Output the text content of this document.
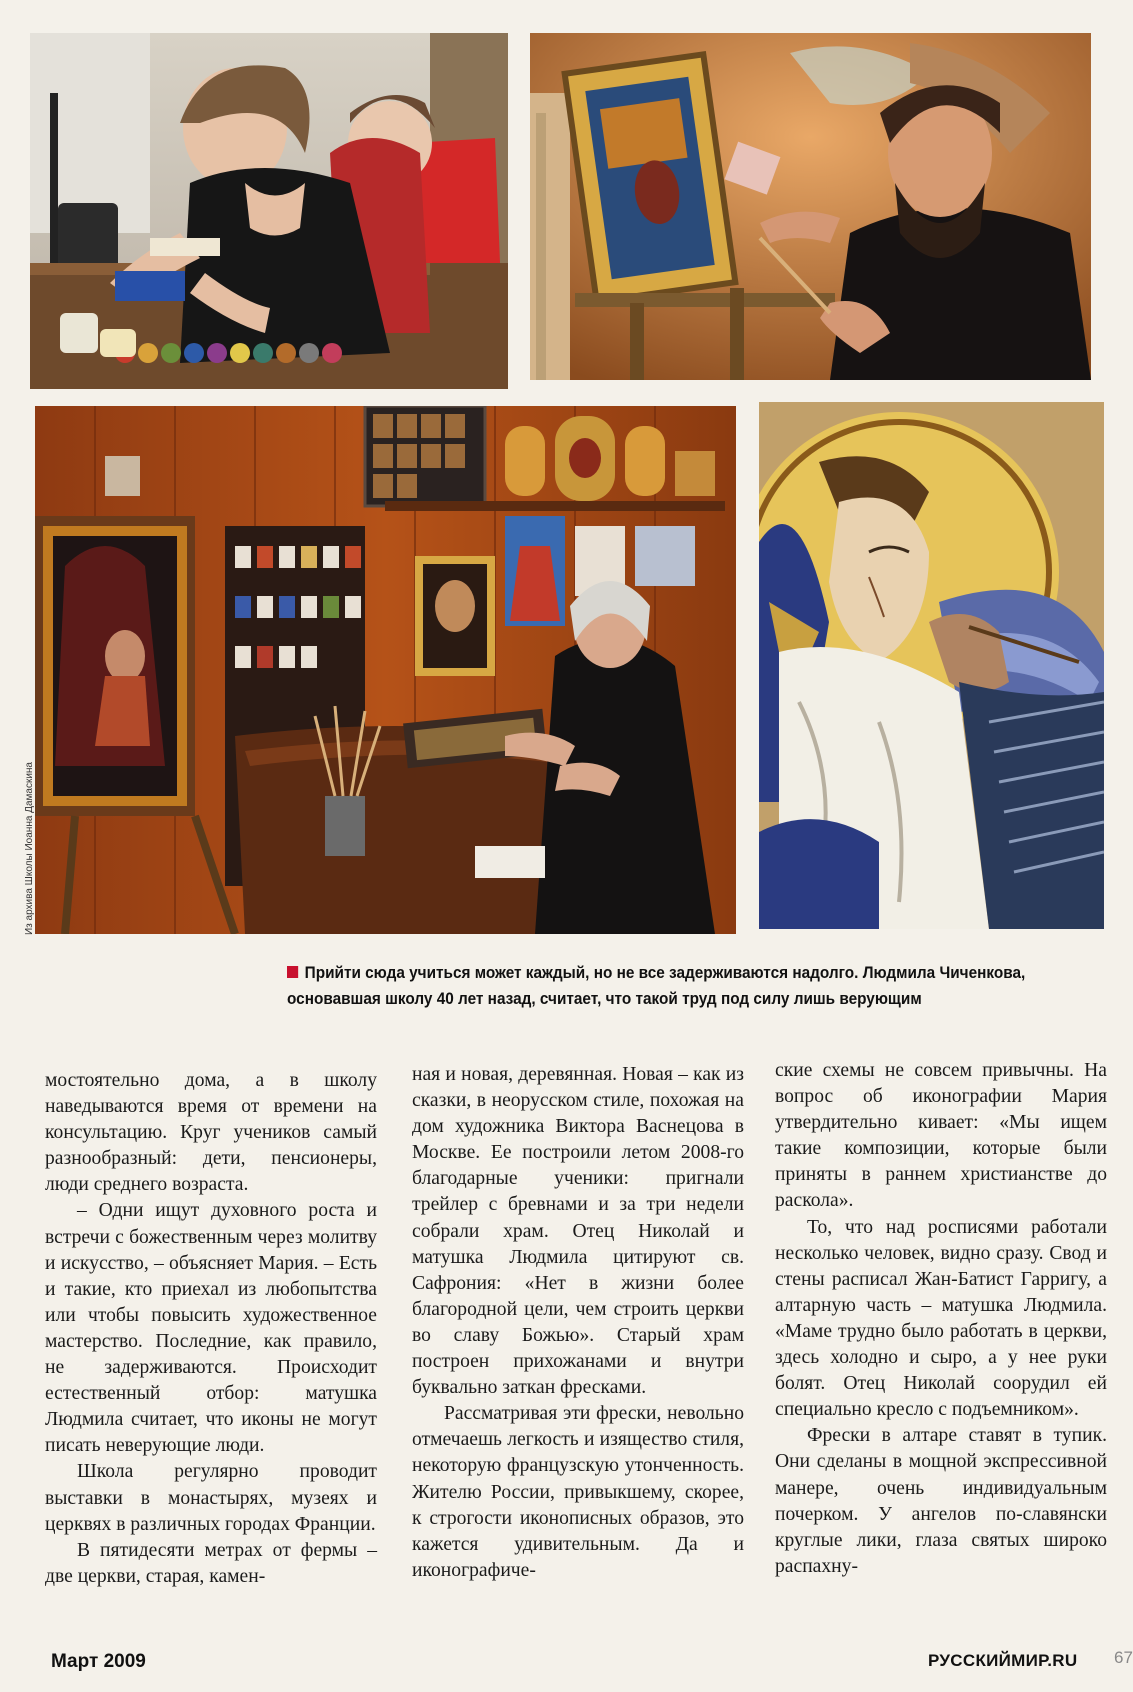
Из архива Школы Иоанна Дамаскина

Прийти сюда учиться может каждый, но не все задерживаются надолго. Людмила Чиченкова, основавшая школу 40 лет назад, считает, что такой труд под силу лишь верующим

мостоятельно дома, а в школу наведываются время от времени на консультацию. Круг учеников самый разнообразный: дети, пенсионеры, люди среднего возраста.

– Одни ищут духовного роста и встречи с божественным через молитву и искусство, – объясняет Мария. – Есть и такие, кто приехал из любопытства или чтобы повысить художественное мастерство. Последние, как правило, не задерживаются. Происходит естественный отбор: матушка Людмила считает, что иконы не могут писать неверующие люди.

Школа регулярно проводит выставки в монастырях, музеях и церквях в различных городах Франции.

В пятидесяти метрах от фермы – две церкви, старая, камен-

ная и новая, деревянная. Новая – как из сказки, в неорусском стиле, похожая на дом художника Виктора Васнецова в Москве. Ее построили летом 2008-го благодарные ученики: пригнали трейлер с бревнами и за три недели собрали храм. Отец Николай и матушка Людмила цитируют св. Сафрония: «Нет в жизни более благородной цели, чем строить церкви во славу Божью». Старый храм построен прихожанами и внутри буквально заткан фресками.

Рассматривая эти фрески, невольно отмечаешь легкость и изящество стиля, некоторую французскую утонченность. Жителю России, привыкшему, скорее, к строгости иконописных образов, это кажется удивительным. Да и иконографиче-

ские схемы не совсем привычны. На вопрос об иконографии Мария утвердительно кивает: «Мы ищем такие композиции, которые были приняты в раннем христианстве до раскола».

То, что над росписями работали несколько человек, видно сразу. Свод и стены расписал Жан-Батист Гарригу, а алтарную часть – матушка Людмила. «Маме трудно было работать в церкви, здесь холодно и сыро, а у нее руки болят. Отец Николай соорудил ей специально кресло с подъемником».

Фрески в алтаре ставят в тупик. Они сделаны в мощной экспрессивной манере, очень индивидуальным почерком. У ангелов по-славянски круглые лики, глаза святых широко распахну-

Март 2009	РУССКИЙМИР.RU 67
